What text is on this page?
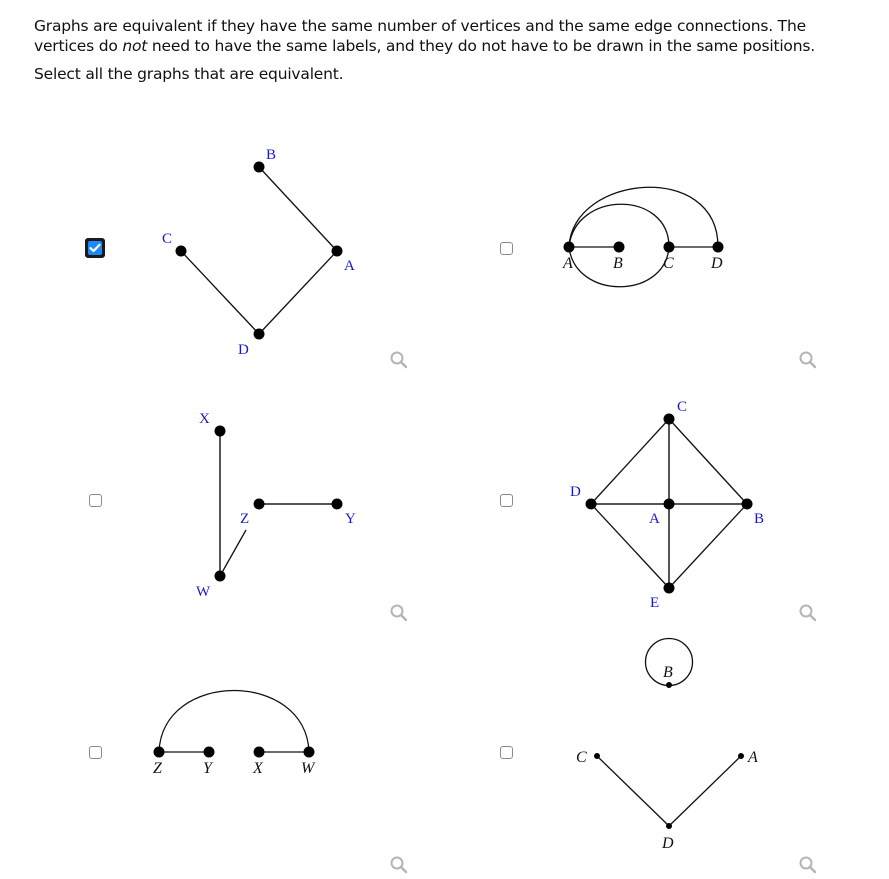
Graphs are equivalent if they have the same number of vertices and the same edge connections. The vertices do not need to have the same labels, and they do not have to be drawn in the same positions.

Select all the graphs that are equivalent.

B
A
C
D
A	B	C D
X
W
Z	Y
C
B
E
D
A
Z	Y	X W
B
C	A
D
